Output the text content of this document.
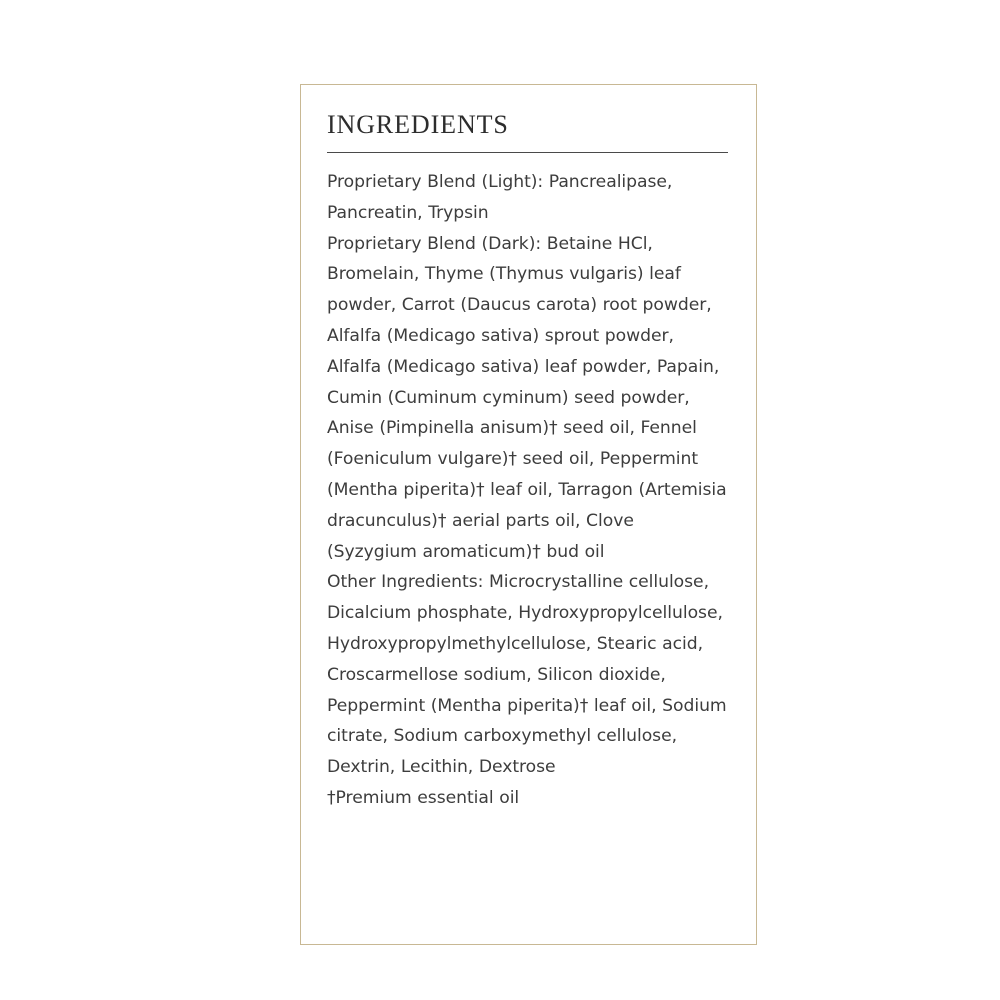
INGREDIENTS

Proprietary Blend (Light): Pancrealipase, Pancreatin, Trypsin

Proprietary Blend (Dark): Betaine HCl, Bromelain, Thyme (Thymus vulgaris) leaf powder, Carrot (Daucus carota) root powder, Alfalfa (Medicago sativa) sprout powder, Alfalfa (Medicago sativa) leaf powder, Papain, Cumin (Cuminum cyminum) seed powder, Anise (Pimpinella anisum)† seed oil, Fennel (Foeniculum vulgare)† seed oil, Peppermint (Mentha piperita)† leaf oil, Tarragon (Artemisia dracunculus)† aerial parts oil, Clove (Syzygium aromaticum)† bud oil

Other Ingredients: Microcrystalline cellulose, Dicalcium phosphate, Hydroxypropylcellulose, Hydroxypropylmethylcellulose, Stearic acid, Croscarmellose sodium, Silicon dioxide, Peppermint (Mentha piperita)† leaf oil, Sodium citrate, Sodium carboxymethyl cellulose, Dextrin, Lecithin, Dextrose

†Premium essential oil
